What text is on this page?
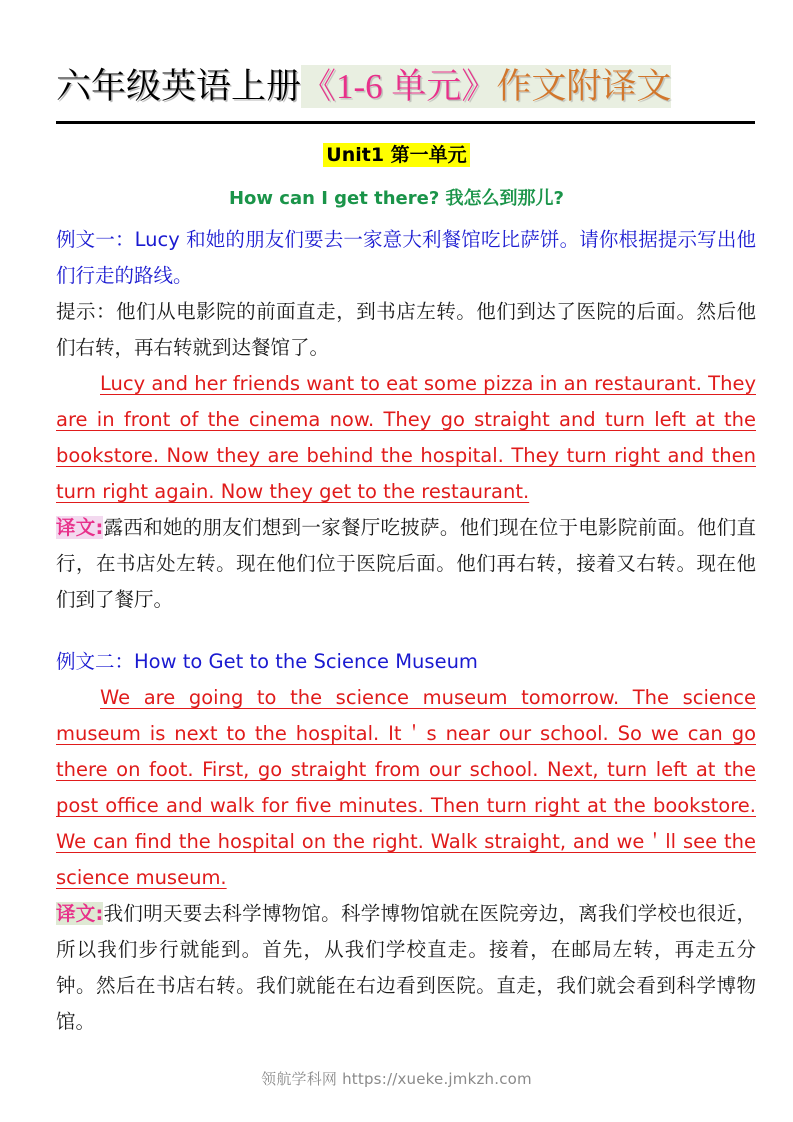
六年级英语上册《1-6 单元》作文附译文
Unit1 第一单元
How can I get there? 我怎么到那儿?

例文一：Lucy 和她的朋友们要去一家意大利餐馆吃比萨饼。请你根据提示写出他们行走的路线。

提示：他们从电影院的前面直走，到书店左转。他们到达了医院的后面。然后他们右转，再右转就到达餐馆了。

Lucy and her friends want to eat some pizza in an restaurant. They are in front of the cinema now. They go straight and turn left at the bookstore. Now they are behind the hospital. They turn right and then turn right again. Now they get to the restaurant.

译文:露西和她的朋友们想到一家餐厅吃披萨。他们现在位于电影院前面。他们直行，在书店处左转。现在他们位于医院后面。他们再右转，接着又右转。现在他们到了餐厅。

例文二：How to Get to the Science Museum

We are going to the science museum tomorrow. The science museum is next to the hospital. It＇s near our school. So we can go there on foot. First, go straight from our school. Next, turn left at the post office and walk for five minutes. Then turn right at the bookstore. We can find the hospital on the right. Walk straight, and we＇ll see the science museum.

译文:我们明天要去科学博物馆。科学博物馆就在医院旁边，离我们学校也很近，所以我们步行就能到。首先，从我们学校直走。接着，在邮局左转，再走五分钟。然后在书店右转。我们就能在右边看到医院。直走，我们就会看到科学博物馆。

领航学科网 https://xueke.jmkzh.com
